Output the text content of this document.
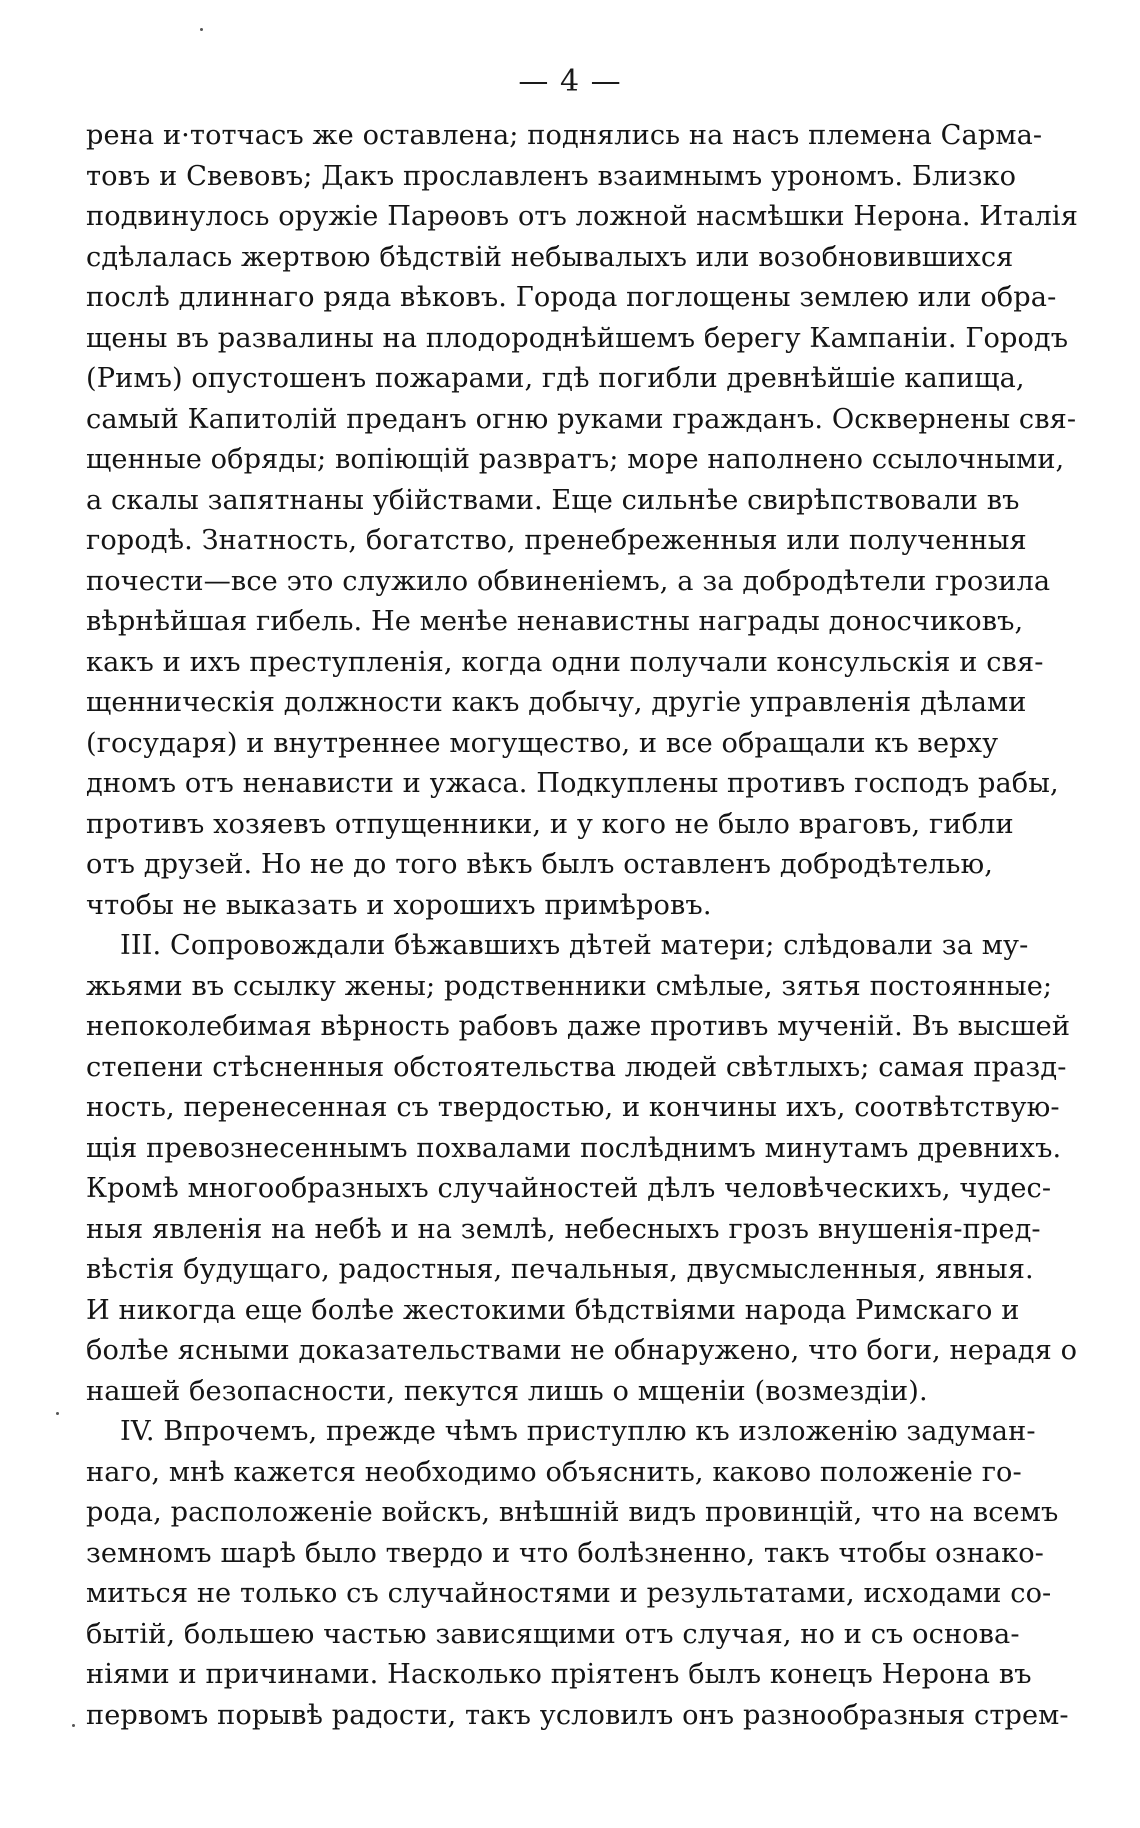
— 4 —
рена и·тотчасъ же оставлена; поднялись на насъ племена Сарма-
товъ и Свевовъ; Дакъ прославленъ взаимнымъ урономъ. Близко
подвинулось оружіе Парѳовъ отъ ложной насмѣшки Нерона. Италія
сдѣлалась жертвою бѣдствій небывалыхъ или возобновившихся
послѣ длиннаго ряда вѣковъ. Города поглощены землею или обра-
щены въ развалины на плодороднѣйшемъ берегу Кампаніи. Городъ
(Римъ) опустошенъ пожарами, гдѣ погибли древнѣйшіе капища,
самый Капитолій преданъ огню руками гражданъ. Осквернены свя-
щенные обряды; вопіющій развратъ; море наполнено ссылочными,
а скалы запятнаны убійствами. Еще сильнѣе свирѣпствовали въ
городѣ. Знатность, богатство, пренебреженныя или полученныя
почести—все это служило обвиненіемъ, а за добродѣтели грозила
вѣрнѣйшая гибель. Не менѣе ненавистны награды доносчиковъ,
какъ и ихъ преступленія, когда одни получали консульскія и свя-
щенническія должности какъ добычу, другіе управленія дѣлами
(государя) и внутреннее могущество, и все обращали къ верху
дномъ отъ ненависти и ужаса. Подкуплены противъ господъ рабы,
противъ хозяевъ отпущенники, и у кого не было враговъ, гибли
отъ друзей. Но не до того вѣкъ былъ оставленъ добродѣтелью,
чтобы не выказать и хорошихъ примѣровъ.
III. Сопровождали бѣжавшихъ дѣтей матери; слѣдовали за му-
жьями въ ссылку жены; родственники смѣлые, зятья постоянные;
непоколебимая вѣрность рабовъ даже противъ мученій. Въ высшей
степени стѣсненныя обстоятельства людей свѣтлыхъ; самая празд-
ность, перенесенная съ твердостью, и кончины ихъ, соотвѣтствую-
щія превознесеннымъ похвалами послѣднимъ минутамъ древнихъ.
Кромѣ многообразныхъ случайностей дѣлъ человѣческихъ, чудес-
ныя явленія на небѣ и на землѣ, небесныхъ грозъ внушенія-пред-
вѣстія будущаго, радостныя, печальныя, двусмысленныя, явныя.
И никогда еще болѣе жестокими бѣдствіями народа Римскаго и
болѣе ясными доказательствами не обнаружено, что боги, нерадя о
нашей безопасности, пекутся лишь о мщеніи (возмездіи).
IV. Впрочемъ, прежде чѣмъ приступлю къ изложенію задуман-
наго, мнѣ кажется необходимо объяснить, каково положеніе го-
рода, расположеніе войскъ, внѣшній видъ провинцій, что на всемъ
земномъ шарѣ было твердо и что болѣзненно, такъ чтобы ознако-
миться не только съ случайностями и результатами, исходами со-
бытій, большею частью зависящими отъ случая, но и съ основа-
ніями и причинами. Насколько пріятенъ былъ конецъ Нерона въ
первомъ порывѣ радости, такъ условилъ онъ разнообразныя стрем-
